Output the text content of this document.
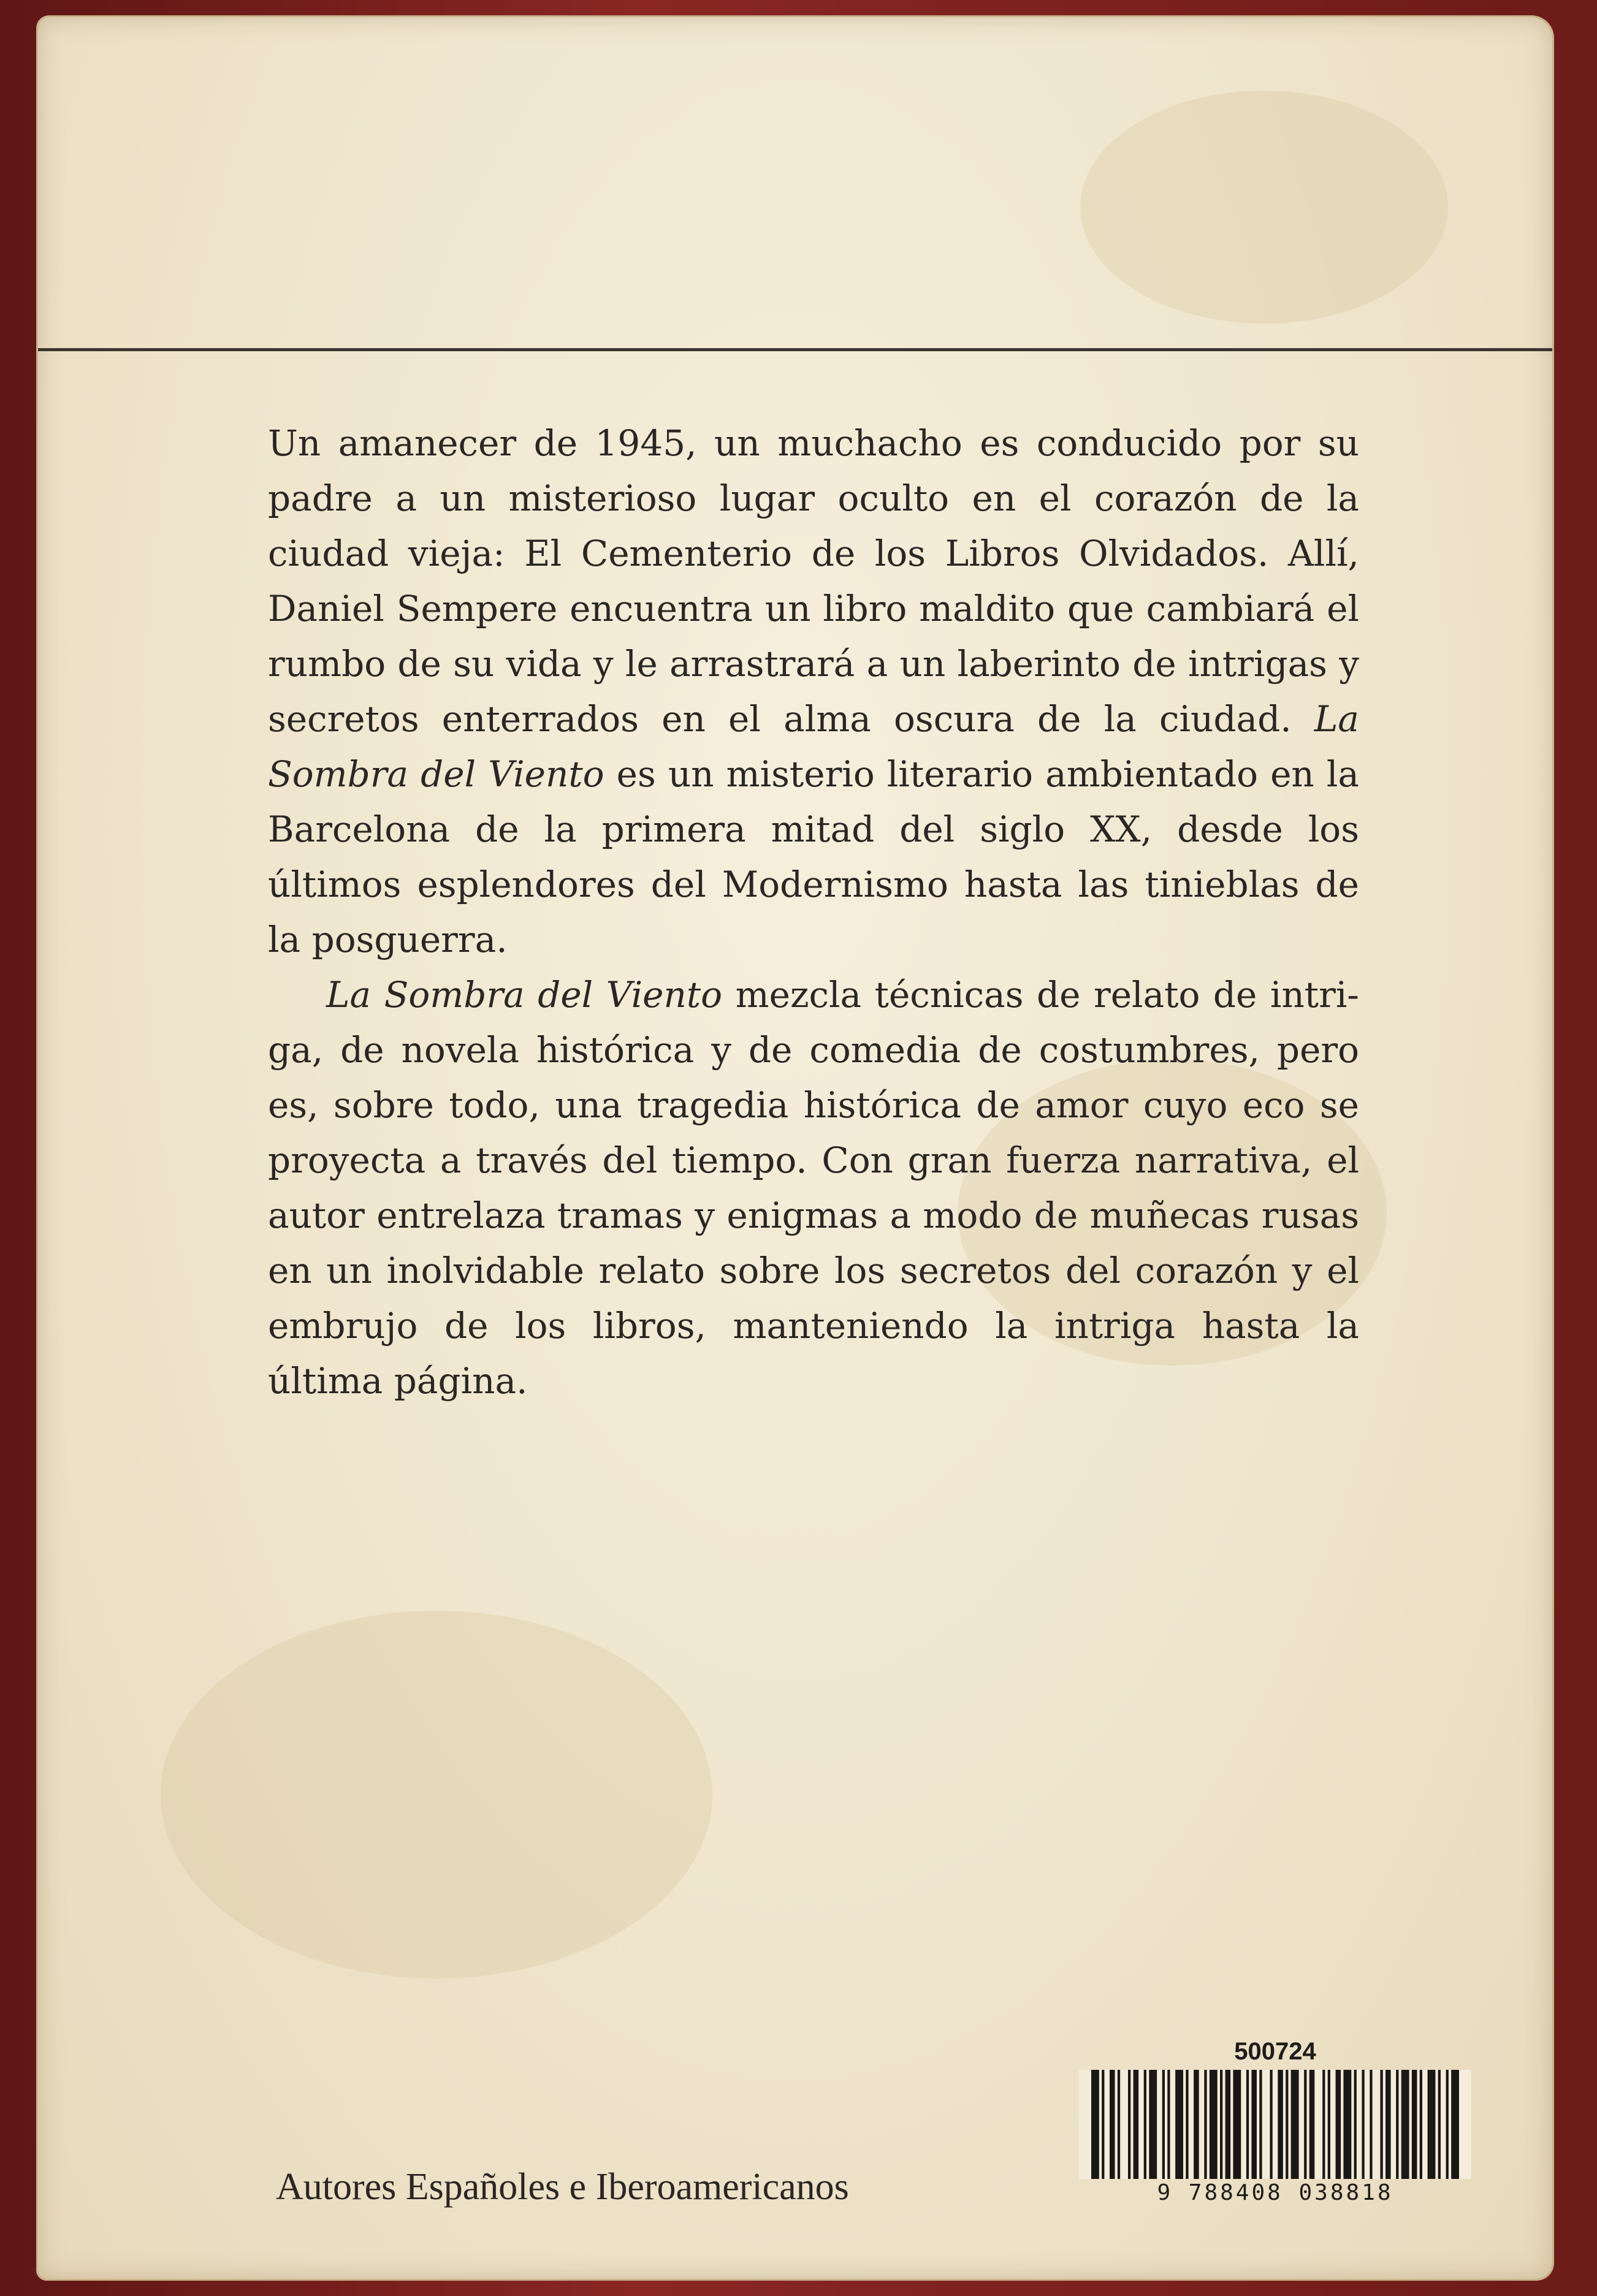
Un amanecer de 1945, un muchacho es conducido por su padre a un misterioso lugar oculto en el corazón de la ciudad vieja: El Cementerio de los Libros Olvidados. Allí, Daniel Sempere encuentra un libro maldito que cambiará el rumbo de su vida y le arrastrará a un laberinto de intrigas y secretos enterrados en el alma oscura de la ciudad. La Sombra del Viento es un misterio literario ambientado en la Barcelona de la primera mitad del siglo XX, desde los últimos esplendores del Modernismo hasta las tinieblas de la posguerra.

La Sombra del Viento mezcla técnicas de relato de intriga, de novela histórica y de comedia de costumbres, pero es, sobre todo, una tragedia histórica de amor cuyo eco se proyecta a través del tiempo. Con gran fuerza narrativa, el autor entrelaza tramas y enigmas a modo de muñecas rusas en un inolvidable relato sobre los secretos del corazón y el embrujo de los libros, manteniendo la intriga hasta la última página.

Autores Españoles e Iberoamericanos
500724
9 788408 038818
